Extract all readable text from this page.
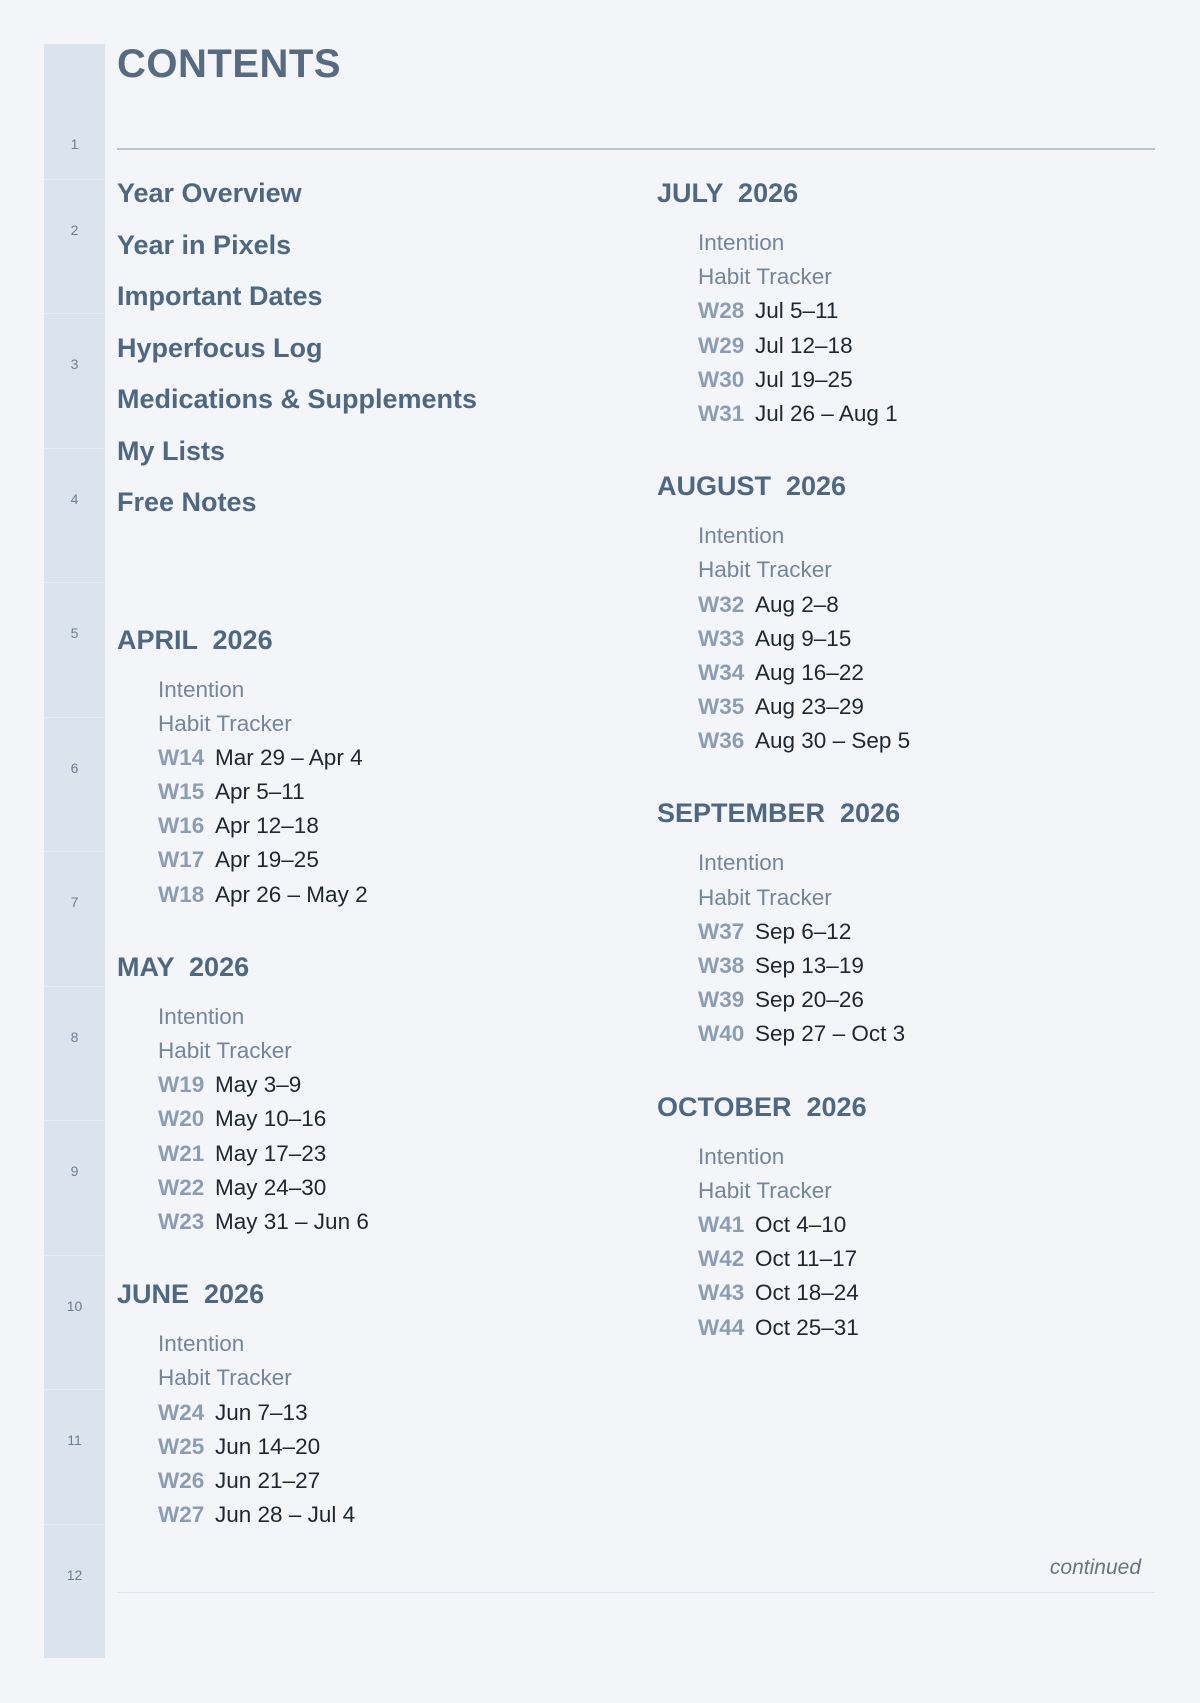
1
2
3
4
5
6
7
8
9
10
11
12
CONTENTS
Year Overview
Year in Pixels
Important Dates
Hyperfocus Log
Medications & Supplements
My Lists
Free Notes
APRIL  2026
Intention
Habit Tracker
W14 Mar 29 – Apr 4
W15 Apr 5–11
W16 Apr 12–18
W17 Apr 19–25
W18 Apr 26 – May 2
MAY  2026
Intention
Habit Tracker
W19 May 3–9
W20 May 10–16
W21 May 17–23
W22 May 24–30
W23 May 31 – Jun 6
JUNE  2026
Intention
Habit Tracker
W24 Jun 7–13
W25 Jun 14–20
W26 Jun 21–27
W27 Jun 28 – Jul 4
JULY  2026
Intention
Habit Tracker
W28 Jul 5–11
W29 Jul 12–18
W30 Jul 19–25
W31 Jul 26 – Aug 1
AUGUST  2026
Intention
Habit Tracker
W32 Aug 2–8
W33 Aug 9–15
W34 Aug 16–22
W35 Aug 23–29
W36 Aug 30 – Sep 5
SEPTEMBER  2026
Intention
Habit Tracker
W37 Sep 6–12
W38 Sep 13–19
W39 Sep 20–26
W40 Sep 27 – Oct 3
OCTOBER  2026
Intention
Habit Tracker
W41 Oct 4–10
W42 Oct 11–17
W43 Oct 18–24
W44 Oct 25–31
continued
